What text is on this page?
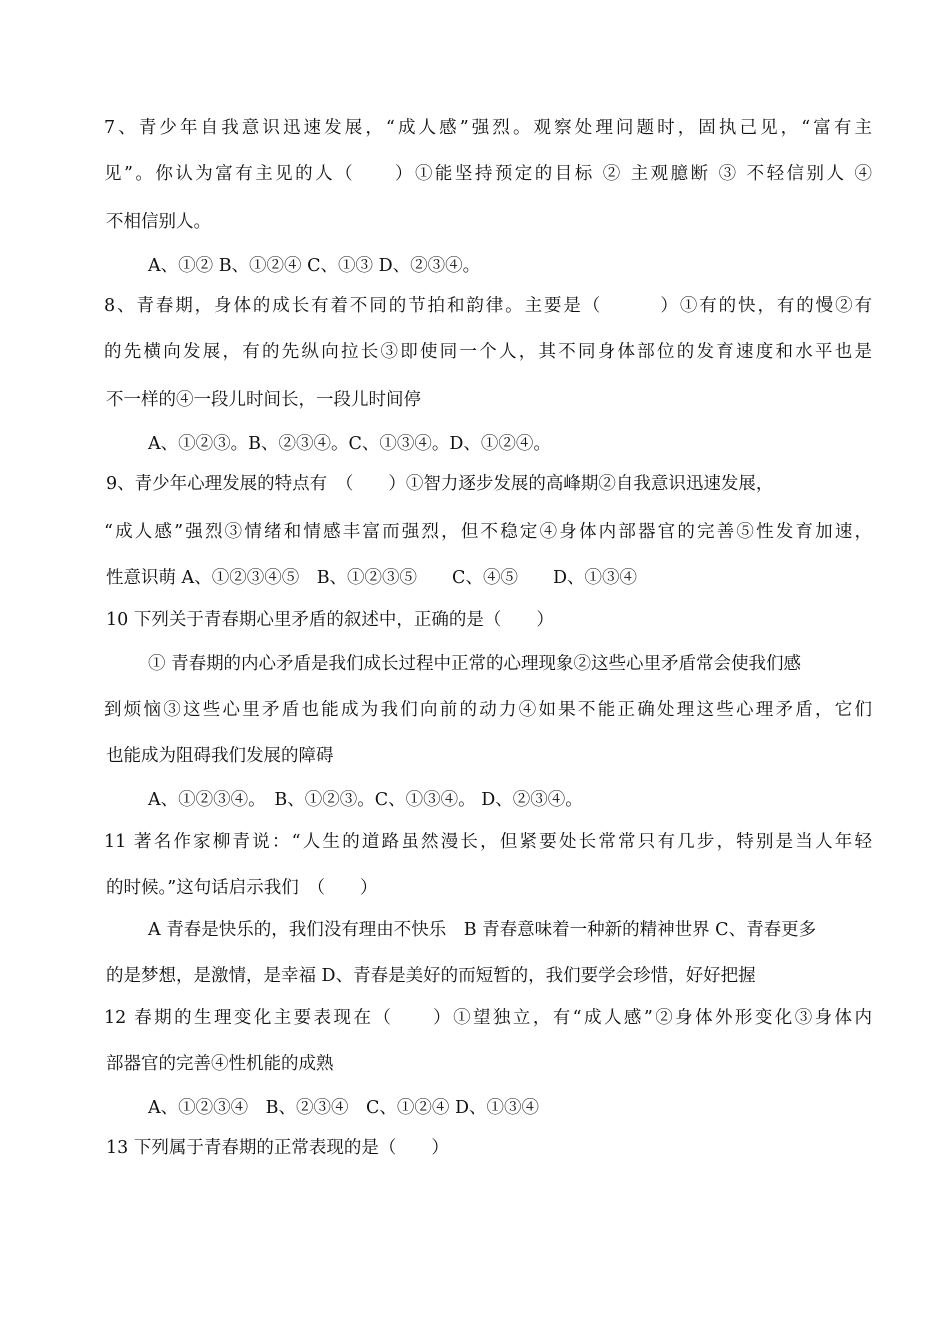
7、青少年自我意识迅速发展，“成人感”强烈。观察处理问题时，固执己见，“富有主
见”。你认为富有主见的人（　　）①能坚持预定的目标 ② 主观臆断 ③ 不轻信别人 ④
不相信别人。
A、①② B、①②④ C、①③ D、②③④。
8、青春期，身体的成长有着不同的节拍和韵律。主要是（　　　）①有的快，有的慢②有
的先横向发展，有的先纵向拉长③即使同一个人，其不同身体部位的发育速度和水平也是
不一样的④一段儿时间长，一段儿时间停
A、①②③。B、②③④。C、①③④。D、①②④。
9、青少年心理发展的特点有　（　　）①智力逐步发展的高峰期②自我意识迅速发展，
“成人感”强烈③情绪和情感丰富而强烈，但不稳定④身体内部器官的完善⑤性发育加速，
性意识萌 A、①②③④⑤　B、①②③⑤　　C、④⑤　　D、①③④
10 下列关于青春期心里矛盾的叙述中，正确的是（　　）
① 青春期的内心矛盾是我们成长过程中正常的心理现象②这些心里矛盾常会使我们感
到烦恼③这些心里矛盾也能成为我们向前的动力④如果不能正确处理这些心理矛盾，它们
也能成为阻碍我们发展的障碍
A、①②③④。　B、①②③。C、①③④。 D、②③④。
11 著名作家柳青说：“人生的道路虽然漫长，但紧要处长常常只有几步，特别是当人年轻
的时候。”这句话启示我们　（　　）
A 青春是快乐的，我们没有理由不快乐　B 青春意味着一种新的精神世界 C、青春更多
的是梦想，是激情，是幸福 D、青春是美好的而短暂的，我们要学会珍惜，好好把握
12 春期的生理变化主要表现在（　　）①望独立，有“成人感”②身体外形变化③身体内
部器官的完善④性机能的成熟
A、①②③④　B、②③④　C、①②④ D、①③④
13 下列属于青春期的正常表现的是（　　）
